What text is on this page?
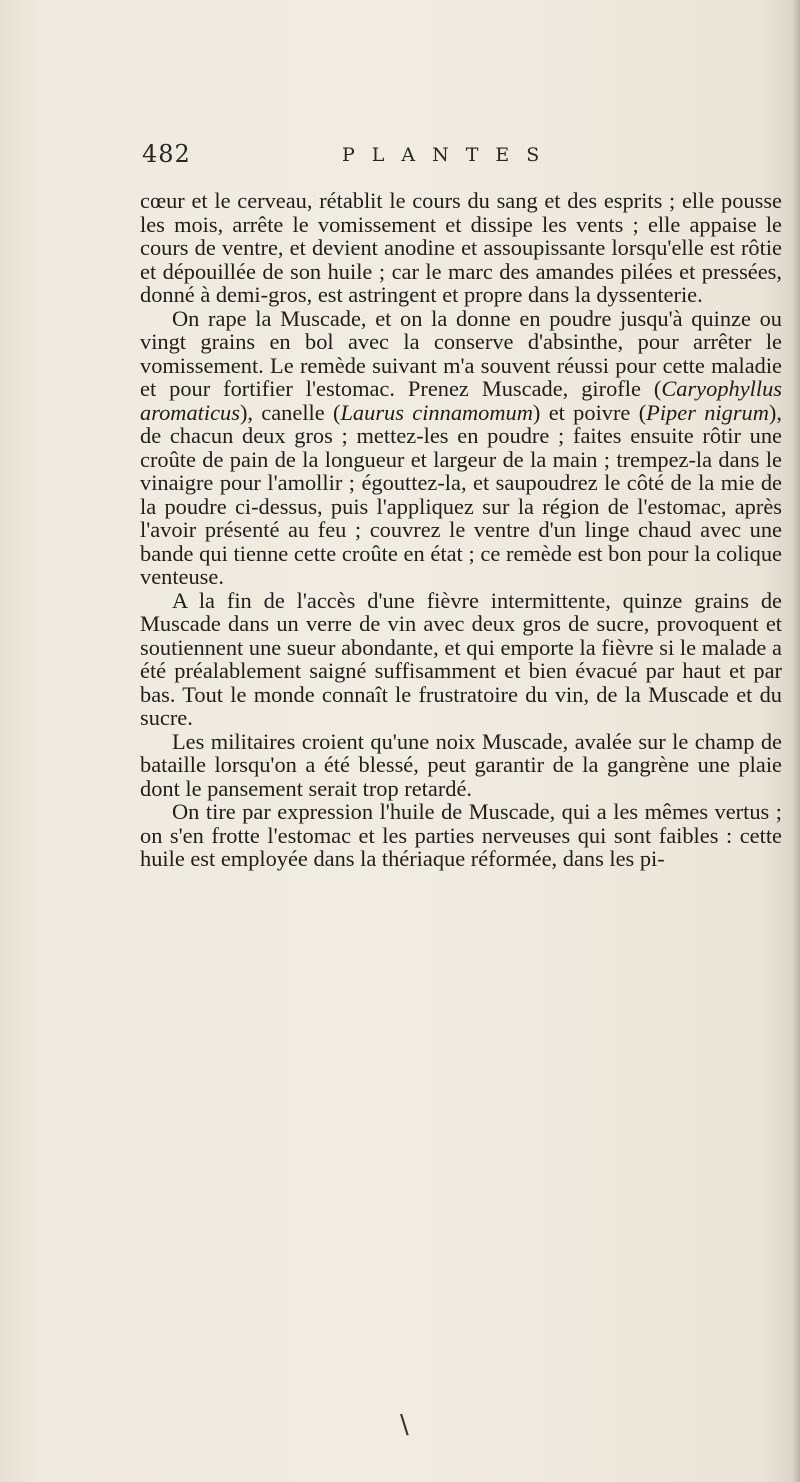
482	PLANTES

cœur et le cerveau, rétablit le cours du sang et des esprits ; elle pousse les mois, arrête le vomissement et dissipe les vents ; elle appaise le cours de ventre, et devient anodine et assoupissante lorsqu'elle est rôtie et dépouillée de son huile ; car le marc des amandes pilées et pressées, donné à demi-gros, est astringent et propre dans la dyssenterie.

On rape la Muscade, et on la donne en poudre jusqu'à quinze ou vingt grains en bol avec la conserve d'absinthe, pour arrêter le vomissement. Le remède suivant m'a souvent réussi pour cette maladie et pour fortifier l'estomac. Prenez Muscade, girofle (Caryophyllus aromaticus), canelle (Laurus cinnamomum) et poivre (Piper nigrum), de chacun deux gros ; mettez-les en poudre ; faites ensuite rôtir une croûte de pain de la longueur et largeur de la main ; trempez-la dans le vinaigre pour l'amollir ; égouttez-la, et saupoudrez le côté de la mie de la poudre ci-dessus, puis l'appliquez sur la région de l'estomac, après l'avoir présenté au feu ; couvrez le ventre d'un linge chaud avec une bande qui tienne cette croûte en état ; ce remède est bon pour la colique venteuse.

A la fin de l'accès d'une fièvre intermittente, quinze grains de Muscade dans un verre de vin avec deux gros de sucre, provoquent et soutiennent une sueur abondante, et qui emporte la fièvre si le malade a été préalablement saigné suffisamment et bien évacué par haut et par bas. Tout le monde connaît le frustratoire du vin, de la Muscade et du sucre.

Les militaires croient qu'une noix Muscade, avalée sur le champ de bataille lorsqu'on a été blessé, peut garantir de la gangrène une plaie dont le pansement serait trop retardé.

On tire par expression l'huile de Muscade, qui a les mêmes vertus ; on s'en frotte l'estomac et les parties nerveuses qui sont faibles : cette huile est employée dans la thériaque réformée, dans les pi-

\
